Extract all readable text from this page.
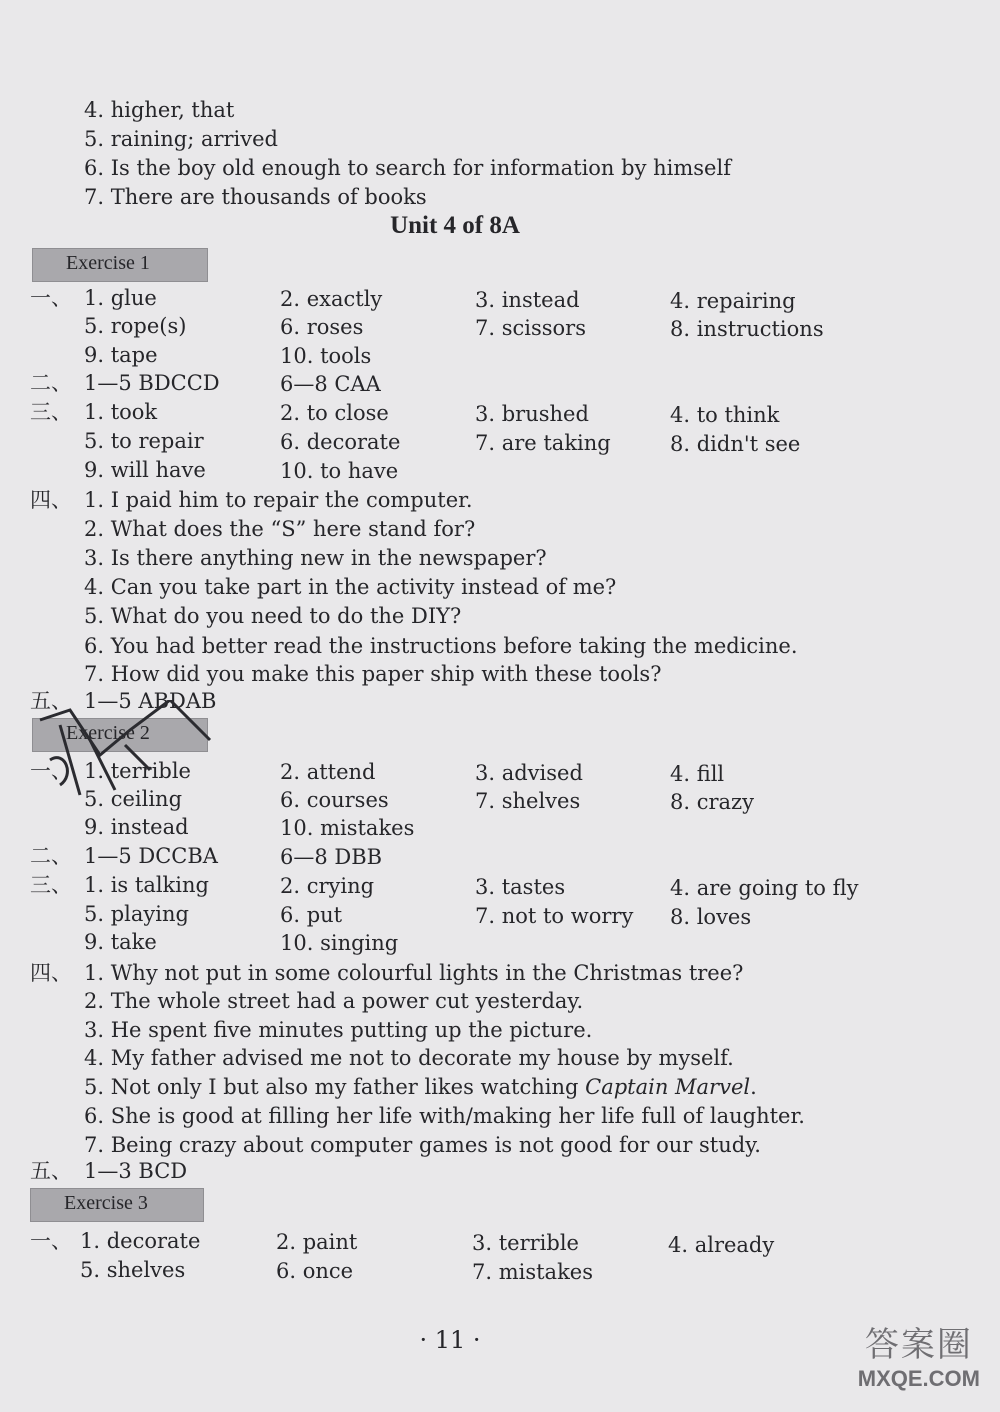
4. higher, that
5. raining; arrived
6. Is the boy old enough to search for information by himself
7. There are thousands of books
Unit 4 of 8A
Exercise 1
一、 1. glue	2. exactly	3. instead	4. repairing
5. rope(s)	6. roses	7. scissors	8. instructions
9. tape	10. tools
二、 1—5 BDCCD	6—8 CAA
三、 1. took	2. to close	3. brushed	4. to think
5. to repair	6. decorate	7. are taking	8. didn't see
9. will have	10. to have
四、 1. I paid him to repair the computer.
2. What does the “S” here stand for?
3. Is there anything new in the newspaper?
4. Can you take part in the activity instead of me?
5. What do you need to do the DIY?
6. You had better read the instructions before taking the medicine.
7. How did you make this paper ship with these tools?
五、 1—5 ABDAB
Exercise 2
一、 1. terrible	2. attend	3. advised	4. fill
5. ceiling	6. courses	7. shelves	8. crazy
9. instead	10. mistakes
二、 1—5 DCCBA	6—8 DBB
三、 1. is talking	2. crying	3. tastes	4. are going to fly
5. playing	6. put	7. not to worry 8. loves
9. take	10. singing
四、 1. Why not put in some colourful lights in the Christmas tree?
2. The whole street had a power cut yesterday.
3. He spent five minutes putting up the picture.
4. My father advised me not to decorate my house by myself.
5. Not only I but also my father likes watching Captain Marvel.
6. She is good at filling her life with/making her life full of laughter.
7. Being crazy about computer games is not good for our study.
五、 1—3 BCD
Exercise 3
一、 1. decorate	2. paint	3. terrible	4. already
5. shelves	6. once	7. mistakes
· 11 ·	答案圈
MXQE.COM
